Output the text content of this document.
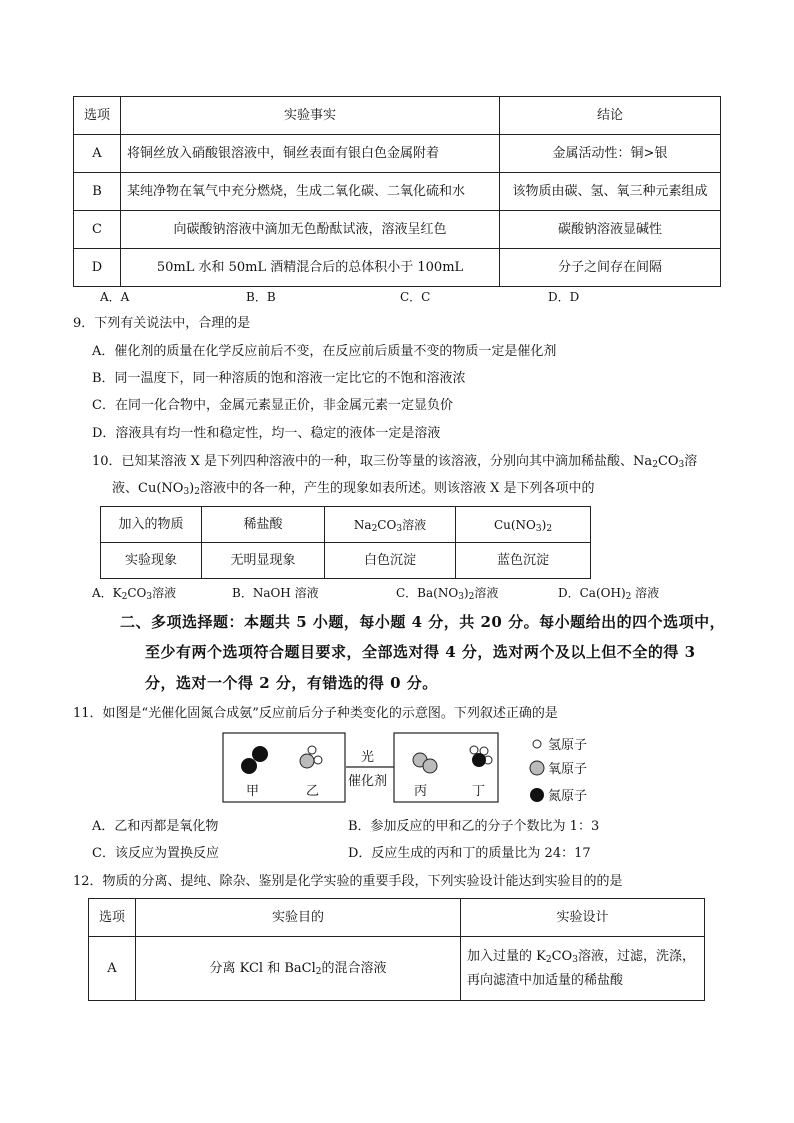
选项	实验事实	结论
A	将铜丝放入硝酸银溶液中，铜丝表面有银白色金属附着	金属活动性：铜>银
B	某纯净物在氧气中充分燃烧，生成二氧化碳、二氧化硫和水	该物质由碳、氢、氧三种元素组成
C	向碳酸钠溶液中滴加无色酚酞试液，溶液呈红色	碳酸钠溶液显碱性
D	50mL 水和 50mL 酒精混合后的总体积小于 100mL	分子之间存在间隔
A．A	B．B	C．C	D．D
9．下列有关说法中，合理的是
A．催化剂的质量在化学反应前后不变，在反应前后质量不变的物质一定是催化剂
B．同一温度下，同一种溶质的饱和溶液一定比它的不饱和溶液浓
C．在同一化合物中，金属元素显正价，非金属元素一定显负价
D．溶液具有均一性和稳定性，均一、稳定的液体一定是溶液
10．已知某溶液 X 是下列四种溶液中的一种，取三份等量的该溶液，分别向其中滴加稀盐酸、$Na_2CO_3$溶
液、$Cu(NO_3)_2$溶液中的各一种，产生的现象如表所述。则该溶液 X 是下列各项中的
加入的物质	稀盐酸	$Na_2CO_3$溶液	$Cu(NO_3)_2$
实验现象	无明显现象	白色沉淀	蓝色沉淀
A．$K_2CO_3$溶液	B．NaOH 溶液	C．$Ba(NO_3)_2$溶液	D．$Ca(OH)_2$ 溶液
二、多项选择题：本题共 5 小题，每小题 4 分，共 20 分。每小题给出的四个选项中，
至少有两个选项符合题目要求，全部选对得 4 分，选对两个及以上但不全的得 3
分，选对一个得 2 分，有错选的得 0 分。
11．如图是“光催化固氮合成氨”反应前后分子种类变化的示意图。下列叙述正确的是
甲	乙
光
催化剂
丙	丁
氢原子
氧原子
氮原子
A．乙和丙都是氧化物	B．参加反应的甲和乙的分子个数比为 1：3
C．该反应为置换反应	D．反应生成的丙和丁的质量比为 24：17
12．物质的分离、提纯、除杂、鉴别是化学实验的重要手段，下列实验设计能达到实验目的的是
选项	实验目的	实验设计
A	分离 KCl 和 BaCl$_2$的混合溶液	加入过量的 $K_2CO_3$溶液，过滤，洗涤，
再向滤渣中加适量的稀盐酸
